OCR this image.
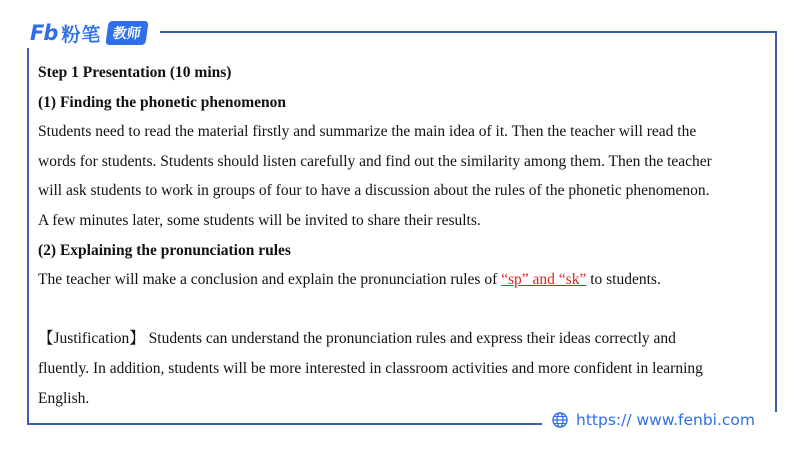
Fb 粉笔 教师
Step 1 Presentation (10 mins)
(1) Finding the phonetic phenomenon
Students need to read the material firstly and summarize the main idea of it. Then the teacher will read the
words for students. Students should listen carefully and find out the similarity among them. Then the teacher
will ask students to work in groups of four to have a discussion about the rules of the phonetic phenomenon.
A few minutes later, some students will be invited to share their results.
(2) Explaining the pronunciation rules
The teacher will make a conclusion and explain the pronunciation rules of “sp” and “sk” to students.
【Justification】 Students can understand the pronunciation rules and express their ideas correctly and
fluently. In addition, students will be more interested in classroom activities and more confident in learning
English.
https:// www.fenbi.com
